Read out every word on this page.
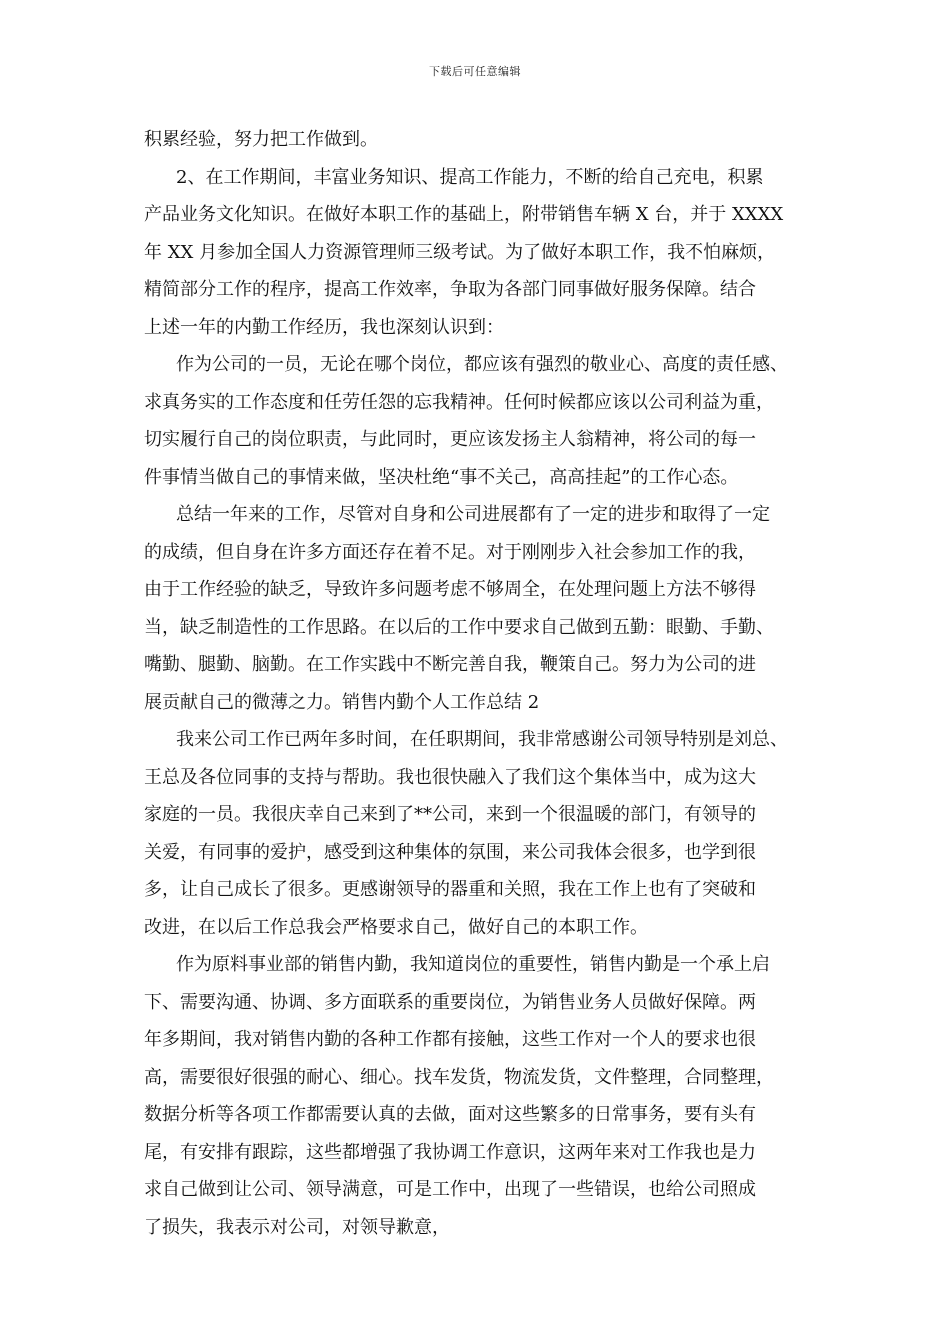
下载后可任意编辑
积累经验，努力把工作做到。
2、在工作期间，丰富业务知识、提高工作能力，不断的给自己充电，积累
产品业务文化知识。在做好本职工作的基础上，附带销售车辆 X 台，并于 XXXX
年 XX 月参加全国人力资源管理师三级考试。为了做好本职工作，我不怕麻烦，
精简部分工作的程序，提高工作效率，争取为各部门同事做好服务保障。结合
上述一年的内勤工作经历，我也深刻认识到：
作为公司的一员，无论在哪个岗位，都应该有强烈的敬业心、高度的责任感、
求真务实的工作态度和任劳任怨的忘我精神。任何时候都应该以公司利益为重，
切实履行自己的岗位职责，与此同时，更应该发扬主人翁精神，将公司的每一
件事情当做自己的事情来做，坚决杜绝“事不关己，高高挂起”的工作心态。
总结一年来的工作，尽管对自身和公司进展都有了一定的进步和取得了一定
的成绩，但自身在许多方面还存在着不足。对于刚刚步入社会参加工作的我，
由于工作经验的缺乏，导致许多问题考虑不够周全，在处理问题上方法不够得
当，缺乏制造性的工作思路。在以后的工作中要求自己做到五勤：眼勤、手勤、
嘴勤、腿勤、脑勤。在工作实践中不断完善自我，鞭策自己。努力为公司的进
展贡献自己的微薄之力。销售内勤个人工作总结 2
我来公司工作已两年多时间，在任职期间，我非常感谢公司领导特别是刘总、
王总及各位同事的支持与帮助。我也很快融入了我们这个集体当中，成为这大
家庭的一员。我很庆幸自己来到了**公司，来到一个很温暖的部门，有领导的
关爱，有同事的爱护，感受到这种集体的氛围，来公司我体会很多，也学到很
多，让自己成长了很多。更感谢领导的器重和关照，我在工作上也有了突破和
改进，在以后工作总我会严格要求自己，做好自己的本职工作。
作为原料事业部的销售内勤，我知道岗位的重要性，销售内勤是一个承上启
下、需要沟通、协调、多方面联系的重要岗位，为销售业务人员做好保障。两
年多期间，我对销售内勤的各种工作都有接触，这些工作对一个人的要求也很
高，需要很好很强的耐心、细心。找车发货，物流发货，文件整理，合同整理，
数据分析等各项工作都需要认真的去做，面对这些繁多的日常事务，要有头有
尾，有安排有跟踪，这些都增强了我协调工作意识，这两年来对工作我也是力
求自己做到让公司、领导满意，可是工作中，出现了一些错误，也给公司照成
了损失，我表示对公司，对领导歉意，
